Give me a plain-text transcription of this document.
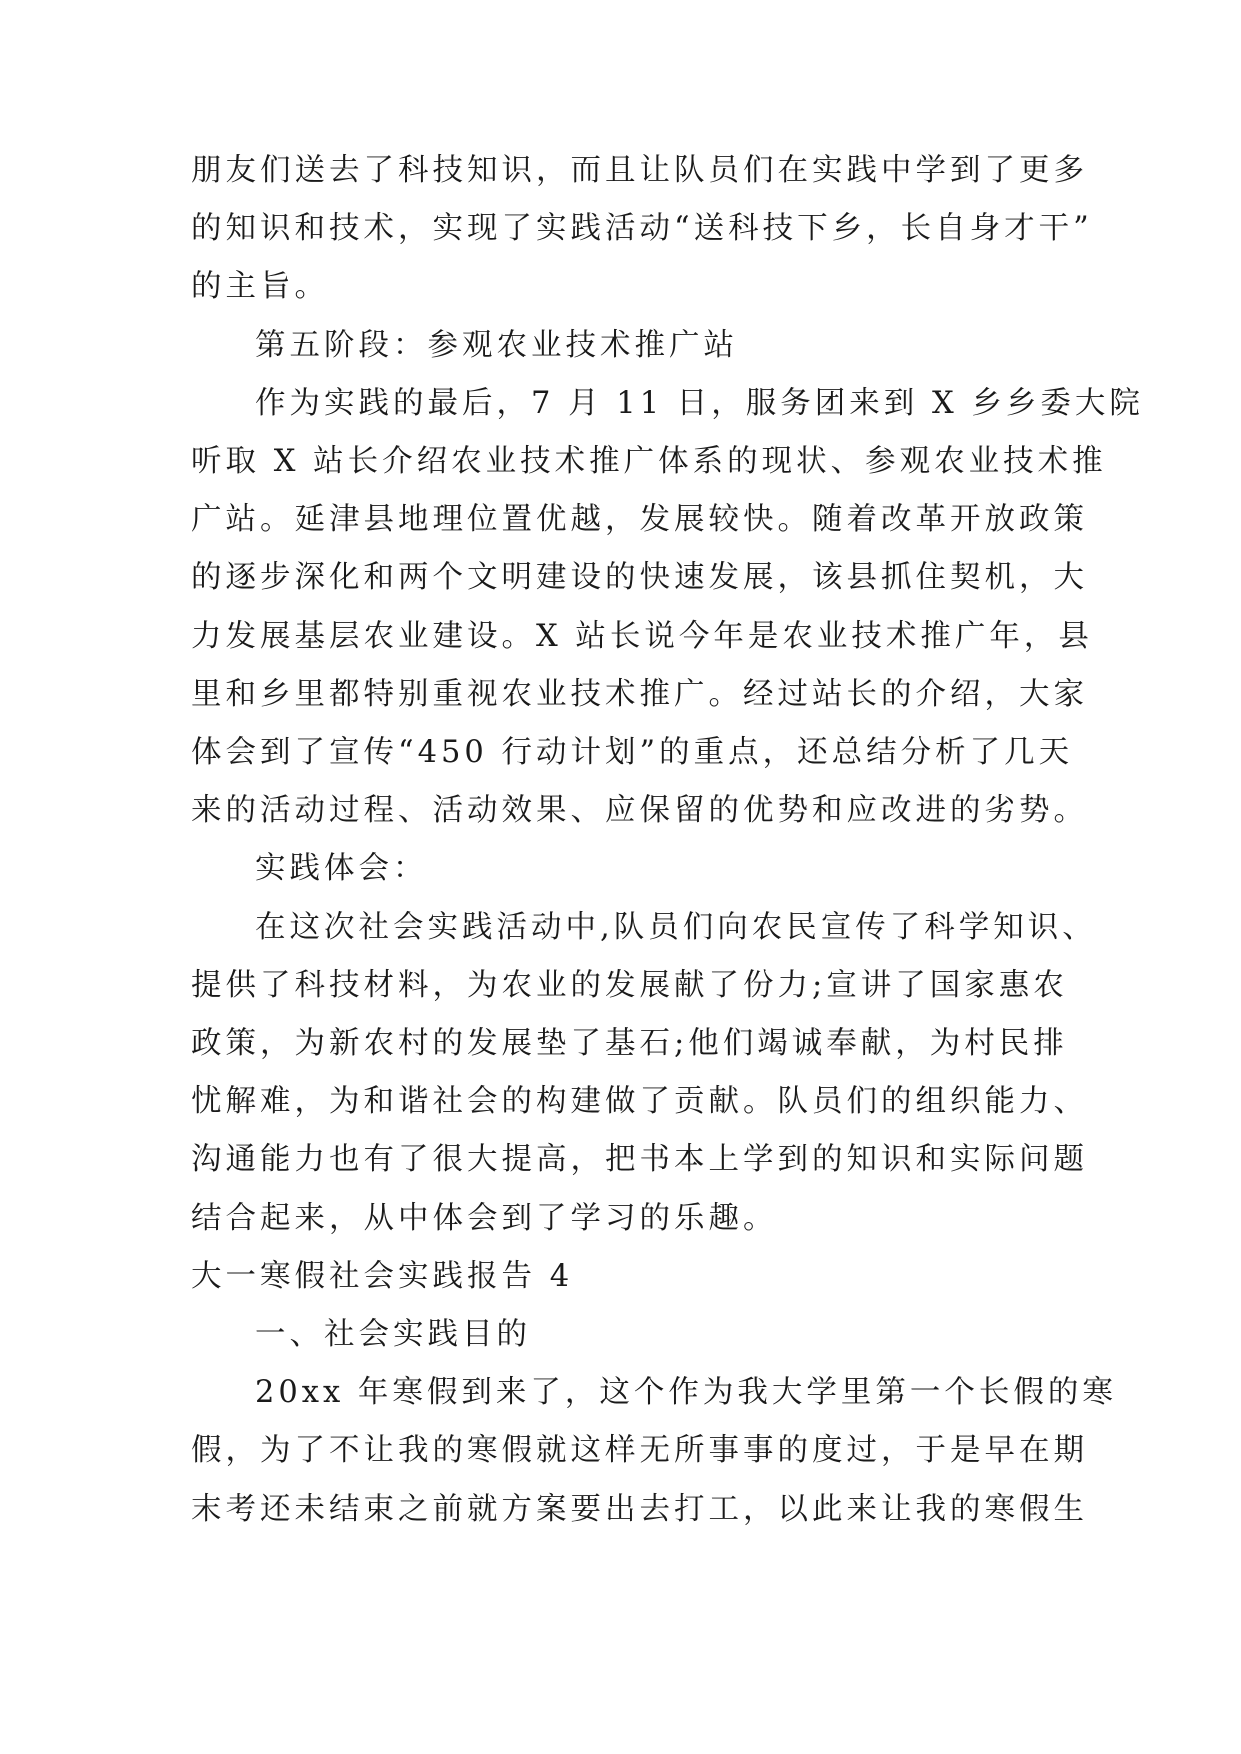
朋友们送去了科技知识，而且让队员们在实践中学到了更多
的知识和技术，实现了实践活动“送科技下乡，长自身才干”
的主旨。
第五阶段：参观农业技术推广站
作为实践的最后，7 月 11 日，服务团来到 X 乡乡委大院
听取 X 站长介绍农业技术推广体系的现状、参观农业技术推
广站。延津县地理位置优越，发展较快。随着改革开放政策
的逐步深化和两个文明建设的快速发展，该县抓住契机，大
力发展基层农业建设。X 站长说今年是农业技术推广年，县
里和乡里都特别重视农业技术推广。经过站长的介绍，大家
体会到了宣传“450 行动计划”的重点，还总结分析了几天
来的活动过程、活动效果、应保留的优势和应改进的劣势。
实践体会：
在这次社会实践活动中,队员们向农民宣传了科学知识、
提供了科技材料，为农业的发展献了份力;宣讲了国家惠农
政策，为新农村的发展垫了基石;他们竭诚奉献，为村民排
忧解难，为和谐社会的构建做了贡献。队员们的组织能力、
沟通能力也有了很大提高，把书本上学到的知识和实际问题
结合起来，从中体会到了学习的乐趣。
大一寒假社会实践报告 4
一、社会实践目的
20xx 年寒假到来了，这个作为我大学里第一个长假的寒
假，为了不让我的寒假就这样无所事事的度过，于是早在期
末考还未结束之前就方案要出去打工，以此来让我的寒假生
